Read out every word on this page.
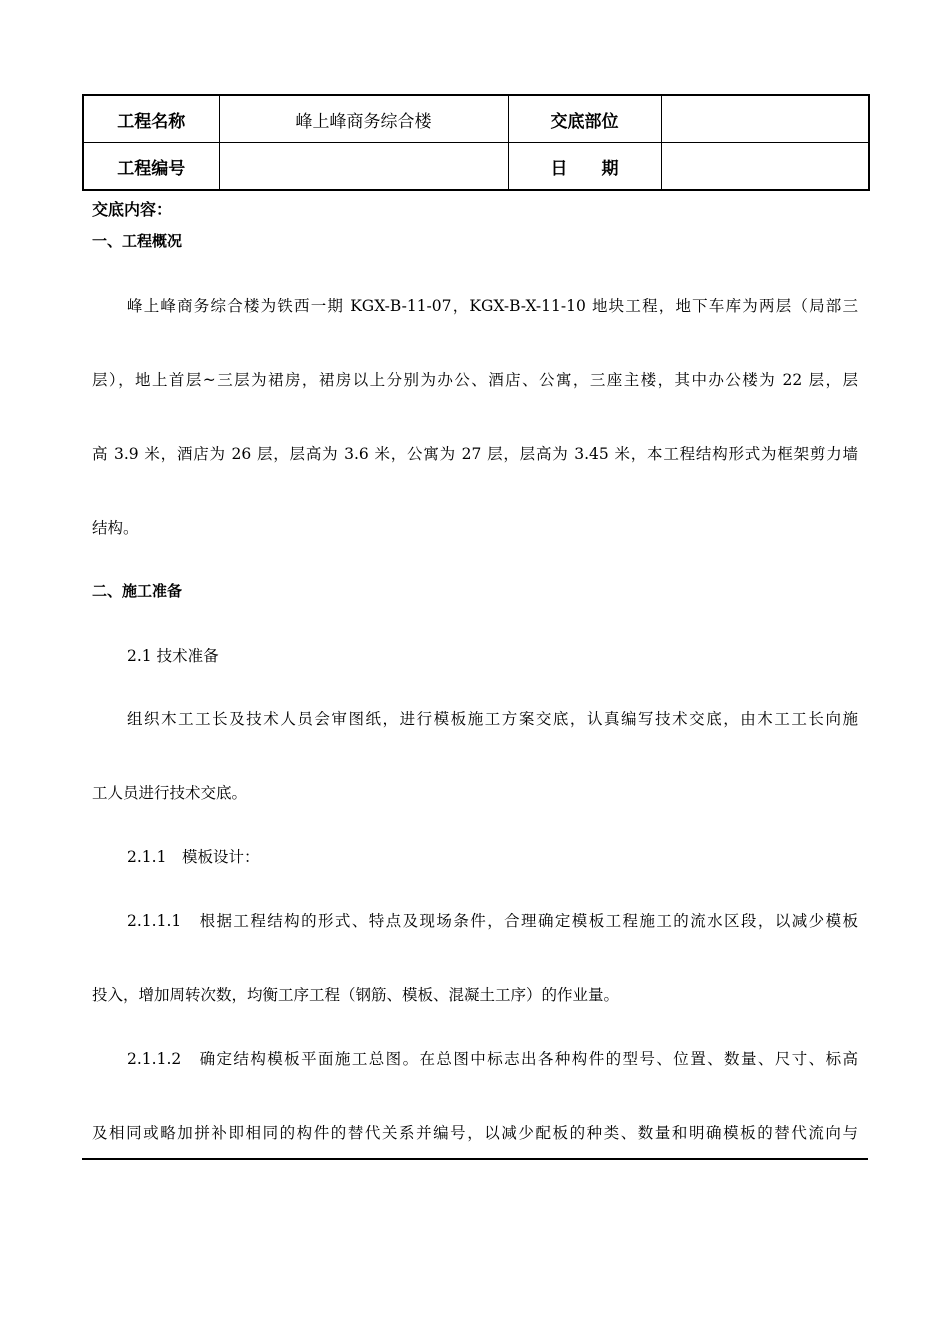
工程名称	峰上峰商务综合楼	交底部位	
工程编号		日　　期	
交底内容：
一、工程概况
峰上峰商务综合楼为铁西一期 KGX-B-11-07，KGX-B-X-11-10 地块工程，地下车库为两层（局部三
层），地上首层~三层为裙房，裙房以上分别为办公、酒店、公寓，三座主楼，其中办公楼为 22 层，层
高 3.9 米，酒店为 26 层，层高为 3.6 米，公寓为 27 层，层高为 3.45 米，本工程结构形式为框架剪力墙
结构。
二、施工准备
2.1 技术准备
组织木工工长及技术人员会审图纸，进行模板施工方案交底，认真编写技术交底，由木工工长向施
工人员进行技术交底。
2.1.1　模板设计：
2.1.1.1　根据工程结构的形式、特点及现场条件，合理确定模板工程施工的流水区段，以减少模板
投入，增加周转次数，均衡工序工程（钢筋、模板、混凝土工序）的作业量。
2.1.1.2　确定结构模板平面施工总图。在总图中标志出各种构件的型号、位置、数量、尺寸、标高
及相同或略加拼补即相同的构件的替代关系并编号，以减少配板的种类、数量和明确模板的替代流向与
